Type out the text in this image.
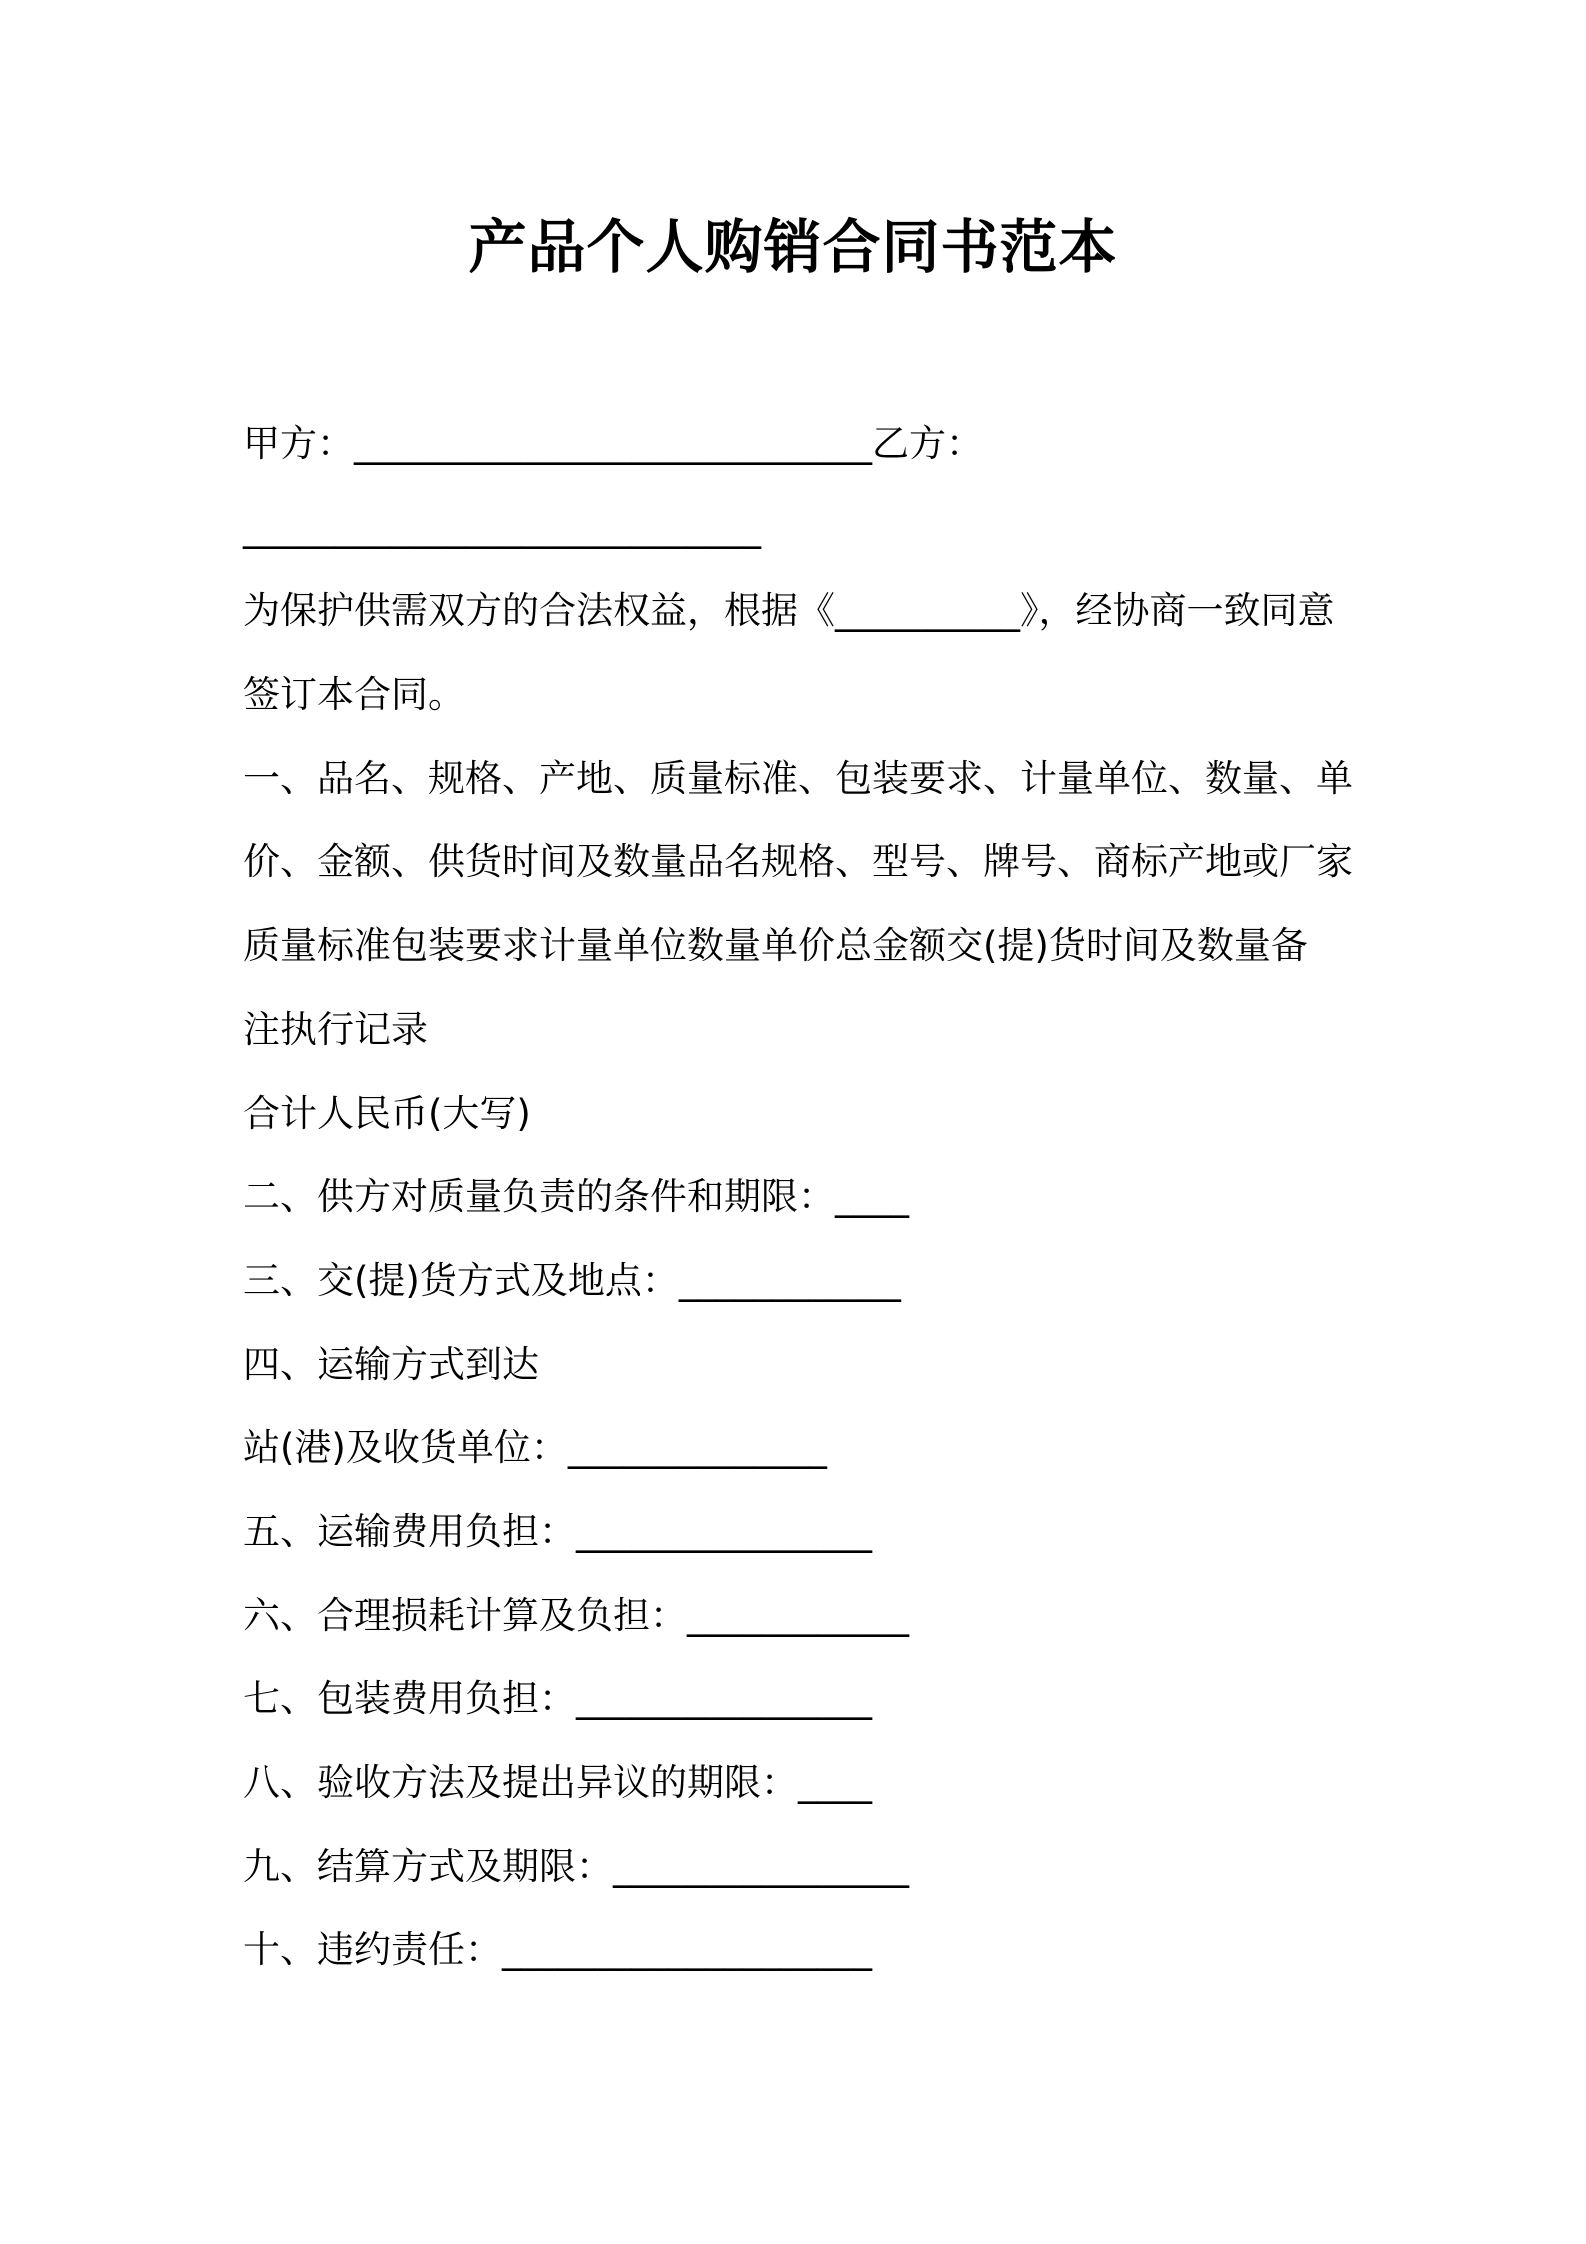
产品个人购销合同书范本

甲方：____________________________乙方：

____________________________

为保护供需双方的合法权益，根据《__________》，经协商一致同意

签订本合同。

一、品名、规格、产地、质量标准、包装要求、计量单位、数量、单

价、金额、供货时间及数量品名规格、型号、牌号、商标产地或厂家

质量标准包装要求计量单位数量单价总金额交(提)货时间及数量备

注执行记录

合计人民币(大写)

二、供方对质量负责的条件和期限：____

三、交(提)货方式及地点：____________

四、运输方式到达

站(港)及收货单位：______________

五、运输费用负担：________________

六、合理损耗计算及负担：____________

七、包装费用负担：________________

八、验收方法及提出异议的期限：____

九、结算方式及期限：________________

十、违约责任：____________________
